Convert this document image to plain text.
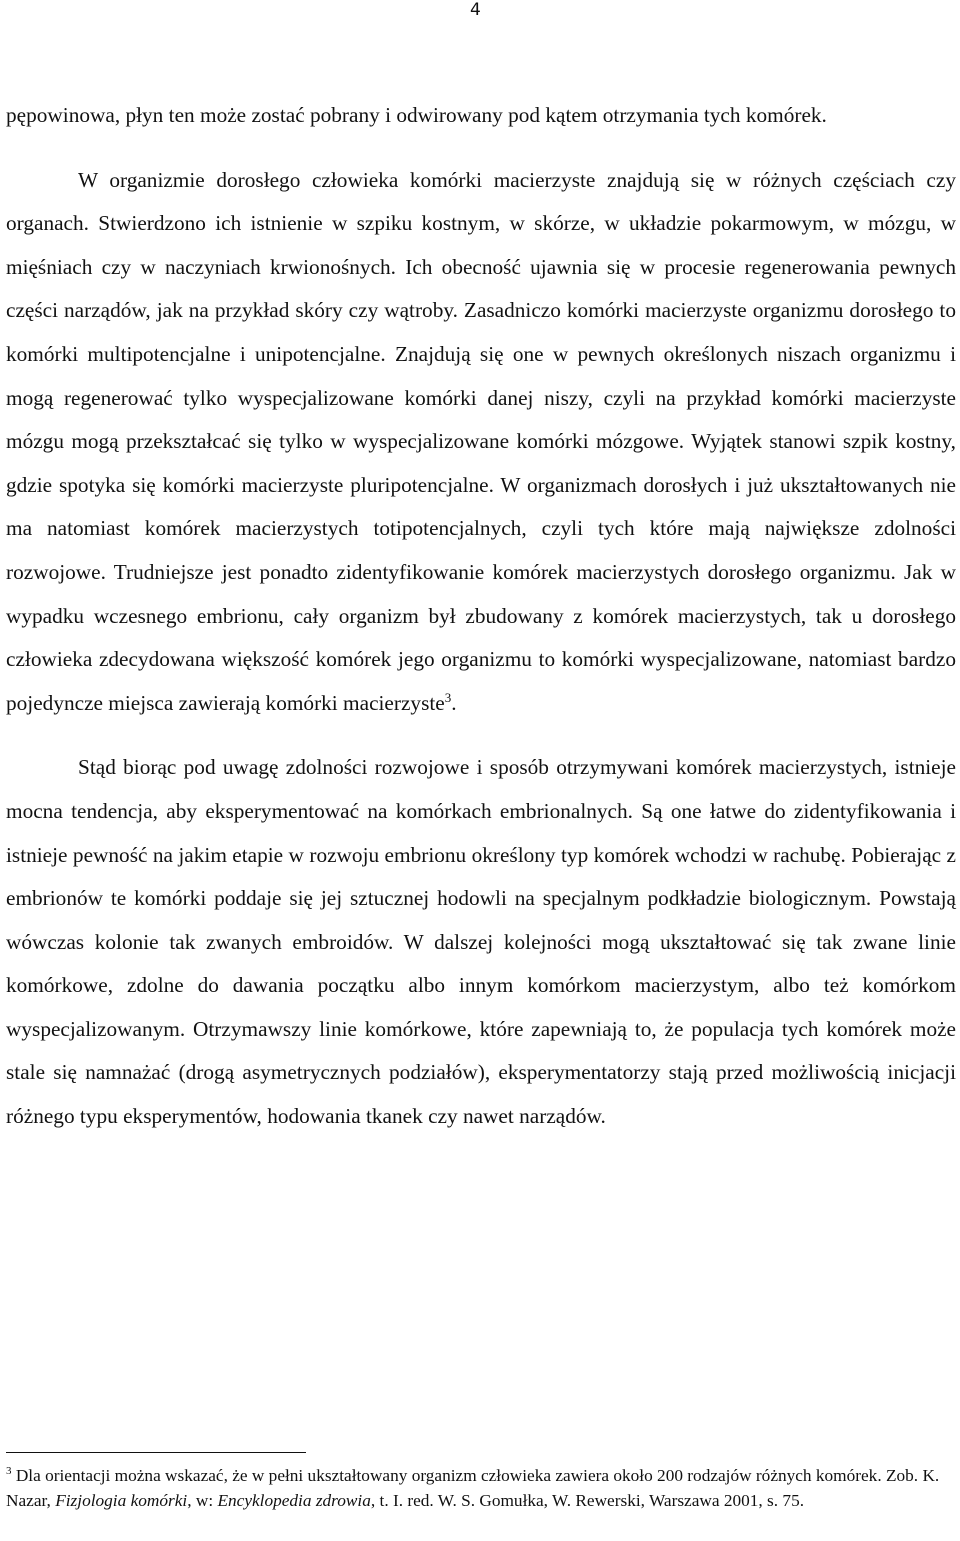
4

pępowinowa, płyn ten może zostać pobrany i odwirowany pod kątem otrzymania tych komórek.

W organizmie dorosłego człowieka komórki macierzyste znajdują się w różnych częściach czy organach. Stwierdzono ich istnienie w szpiku kostnym, w skórze, w układzie pokarmowym, w mózgu, w mięśniach czy w naczyniach krwionośnych. Ich obecność ujawnia się w procesie regenerowania pewnych części narządów, jak na przykład skóry czy wątroby. Zasadniczo komórki macierzyste organizmu dorosłego to komórki multipotencjalne i unipotencjalne. Znajdują się one w pewnych określonych niszach organizmu i mogą regenerować tylko wyspecjalizowane komórki danej niszy, czyli na przykład komórki macierzyste mózgu mogą przekształcać się tylko w wyspecjalizowane komórki mózgowe. Wyjątek stanowi szpik kostny, gdzie spotyka się komórki macierzyste pluripotencjalne. W organizmach dorosłych i już ukształtowanych nie ma natomiast komórek macierzystych totipotencjalnych, czyli tych które mają największe zdolności rozwojowe. Trudniejsze jest ponadto zidentyfikowanie komórek macierzystych dorosłego organizmu. Jak w wypadku wczesnego embrionu, cały organizm był zbudowany z komórek macierzystych, tak u dorosłego człowieka zdecydowana większość komórek jego organizmu to komórki wyspecjalizowane, natomiast bardzo pojedyncze miejsca zawierają komórki macierzyste$^3$.

Stąd biorąc pod uwagę zdolności rozwojowe i sposób otrzymywani komórek macierzystych, istnieje mocna tendencja, aby eksperymentować na komórkach embrionalnych. Są one łatwe do zidentyfikowania i istnieje pewność na jakim etapie w rozwoju embrionu określony typ komórek wchodzi w rachubę. Pobierając z embrionów te komórki poddaje się jej sztucznej hodowli na specjalnym podkładzie biologicznym. Powstają wówczas kolonie tak zwanych embroidów. W dalszej kolejności mogą ukształtować się tak zwane linie komórkowe, zdolne do dawania początku albo innym komórkom macierzystym, albo też komórkom wyspecjalizowanym. Otrzymawszy linie komórkowe, które zapewniają to, że populacja tych komórek może stale się namnażać (drogą asymetrycznych podziałów), eksperymentatorzy stają przed możliwością inicjacji różnego typu eksperymentów, hodowania tkanek czy nawet narządów.

$^3$ Dla orientacji można wskazać, że w pełni ukształtowany organizm człowieka zawiera około 200 rodzajów różnych komórek. Zob. K. Nazar, Fizjologia komórki, w: Encyklopedia zdrowia, t. I. red. W. S. Gomułka, W. Rewerski, Warszawa 2001, s. 75.
